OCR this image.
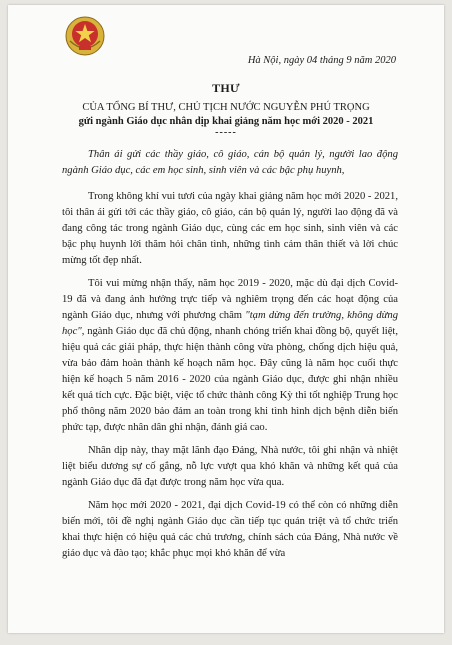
Hà Nội, ngày 04 tháng 9 năm 2020
THƯ
CỦA TỔNG BÍ THƯ, CHỦ TỊCH NƯỚC NGUYỄN PHÚ TRỌNG
gửi ngành Giáo dục nhân dịp khai giảng năm học mới 2020 - 2021
-----

Thân ái gửi các thầy giáo, cô giáo, cán bộ quản lý, người lao động ngành Giáo dục, các em học sinh, sinh viên và các bậc phụ huynh,

Trong không khí vui tươi của ngày khai giảng năm học mới 2020 - 2021, tôi thân ái gửi tới các thầy giáo, cô giáo, cán bộ quản lý, người lao động đã và đang công tác trong ngành Giáo dục, cùng các em học sinh, sinh viên và các bậc phụ huynh lời thăm hỏi chân tình, những tình cảm thân thiết và lời chúc mừng tốt đẹp nhất.

Tôi vui mừng nhận thấy, năm học 2019 - 2020, mặc dù đại dịch Covid-19 đã và đang ảnh hưởng trực tiếp và nghiêm trọng đến các hoạt động của ngành Giáo dục, nhưng với phương châm "tạm dừng đến trường, không dừng học", ngành Giáo dục đã chủ động, nhanh chóng triển khai đồng bộ, quyết liệt, hiệu quả các giải pháp, thực hiện thành công vừa phòng, chống dịch hiệu quả, vừa bảo đảm hoàn thành kế hoạch năm học. Đây cũng là năm học cuối thực hiện kế hoạch 5 năm 2016 - 2020 của ngành Giáo dục, được ghi nhận nhiều kết quả tích cực. Đặc biệt, việc tổ chức thành công Kỳ thi tốt nghiệp Trung học phổ thông năm 2020 bảo đảm an toàn trong khi tình hình dịch bệnh diễn biến phức tạp, được nhân dân ghi nhận, đánh giá cao.

Nhân dịp này, thay mặt lãnh đạo Đảng, Nhà nước, tôi ghi nhận và nhiệt liệt biểu dương sự cố gắng, nỗ lực vượt qua khó khăn và những kết quả của ngành Giáo dục đã đạt được trong năm học vừa qua.

Năm học mới 2020 - 2021, đại dịch Covid-19 có thể còn có những diễn biến mới, tôi đề nghị ngành Giáo dục cần tiếp tục quán triệt và tổ chức triển khai thực hiện có hiệu quả các chủ trương, chính sách của Đảng, Nhà nước về giáo dục và đào tạo; khắc phục mọi khó khăn để vừa
